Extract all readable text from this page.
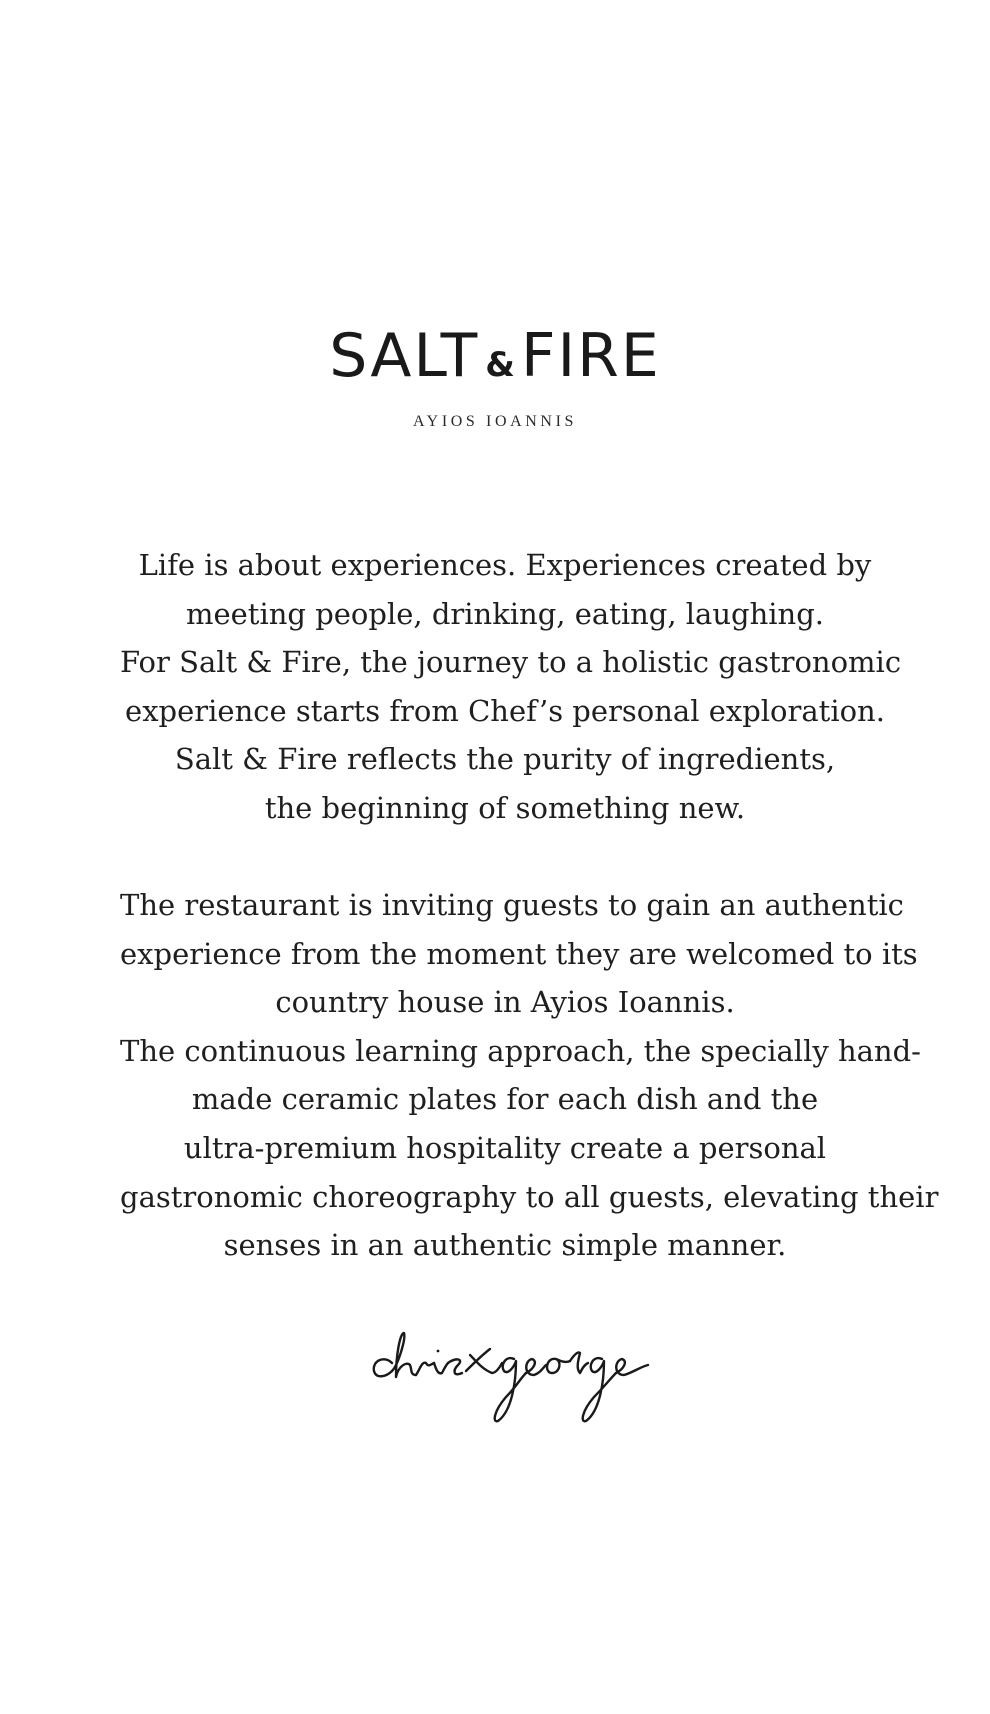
SALT & FIRE
AYIOS IOANNIS

Life is about experiences. Experiences created by
meeting people, drinking, eating, laughing.
For Salt & Fire, the journey to a holistic gastronomic
experience starts from Chef’s personal exploration.
Salt & Fire reflects the purity of ingredients,
the beginning of something new.

The restaurant is inviting guests to gain an authentic
experience from the moment they are welcomed to its
country house in Ayios Ioannis.
The continuous learning approach, the specially hand-
made ceramic plates for each dish and the
ultra-premium hospitality create a personal
gastronomic choreography to all guests, elevating their
senses in an authentic simple manner.
